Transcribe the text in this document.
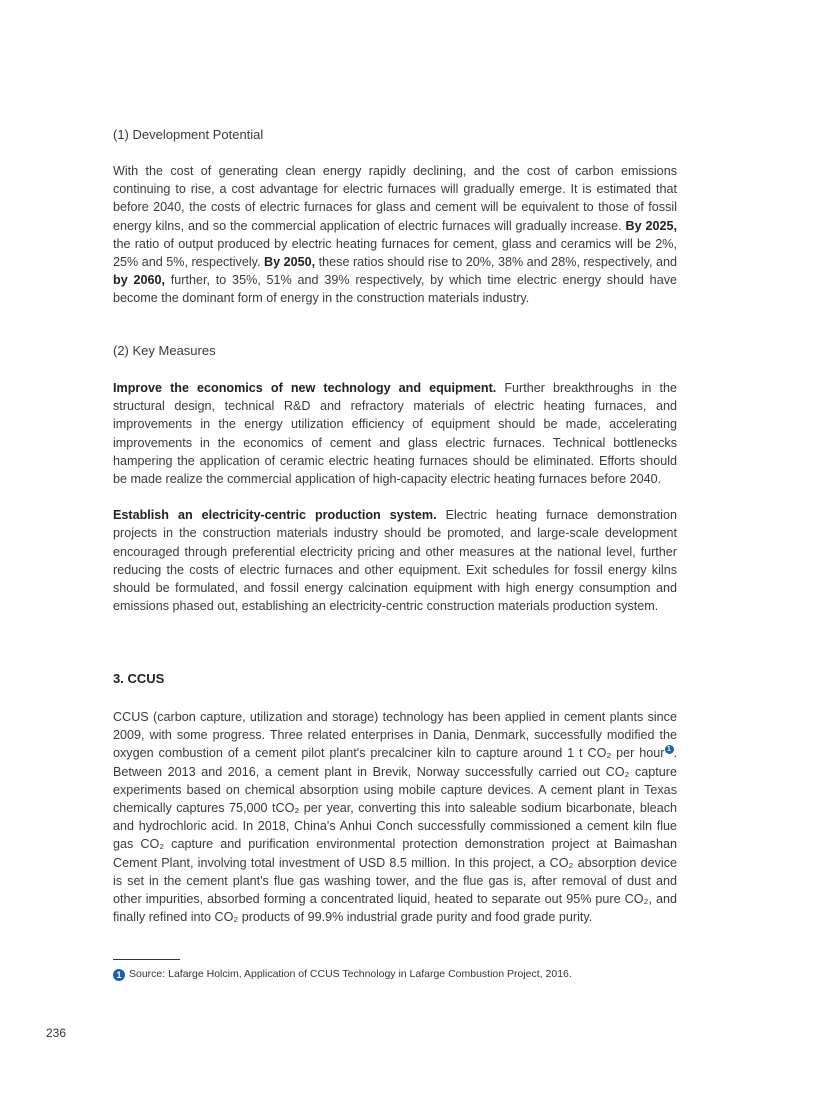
(1) Development Potential

With the cost of generating clean energy rapidly declining, and the cost of carbon emissions continuing to rise, a cost advantage for electric furnaces will gradually emerge. It is estimated that before 2040, the costs of electric furnaces for glass and cement will be equivalent to those of fossil energy kilns, and so the commercial application of electric furnaces will gradually increase. By 2025, the ratio of output produced by electric heating furnaces for cement, glass and ceramics will be 2%, 25% and 5%, respectively. By 2050, these ratios should rise to 20%, 38% and 28%, respectively, and by 2060, further, to 35%, 51% and 39% respectively, by which time electric energy should have become the dominant form of energy in the construction materials industry.

(2) Key Measures

Improve the economics of new technology and equipment. Further breakthroughs in the structural design, technical R&D and refractory materials of electric heating furnaces, and improvements in the energy utilization efficiency of equipment should be made, accelerating improvements in the economics of cement and glass electric furnaces. Technical bottlenecks hampering the application of ceramic electric heating furnaces should be eliminated. Efforts should be made realize the commercial application of high-capacity electric heating furnaces before 2040.

Establish an electricity-centric production system. Electric heating furnace demonstration projects in the construction materials industry should be promoted, and large-scale development encouraged through preferential electricity pricing and other measures at the national level, further reducing the costs of electric furnaces and other equipment. Exit schedules for fossil energy kilns should be formulated, and fossil energy calcination equipment with high energy consumption and emissions phased out, establishing an electricity-centric construction materials production system.

3. CCUS

CCUS (carbon capture, utilization and storage) technology has been applied in cement plants since 2009, with some progress. Three related enterprises in Dania, Denmark, successfully modified the oxygen combustion of a cement pilot plant's precalciner kiln to capture around 1 t CO₂ per hour $^1$ . Between 2013 and 2016, a cement plant in Brevik, Norway successfully carried out CO₂ capture experiments based on chemical absorption using mobile capture devices. A cement plant in Texas chemically captures 75,000 tCO₂ per year, converting this into saleable sodium bicarbonate, bleach and hydrochloric acid. In 2018, China's Anhui Conch successfully commissioned a cement kiln flue gas CO₂ capture and purification environmental protection demonstration project at Baimashan Cement Plant, involving total investment of USD 8.5 million. In this project, a CO₂ absorption device is set in the cement plant's flue gas washing tower, and the flue gas is, after removal of dust and other impurities, absorbed forming a concentrated liquid, heated to separate out 95% pure CO₂, and finally refined into CO₂ products of 99.9% industrial grade purity and food grade purity.

1 Source: Lafarge Holcim, Application of CCUS Technology in Lafarge Combustion Project, 2016.
236
